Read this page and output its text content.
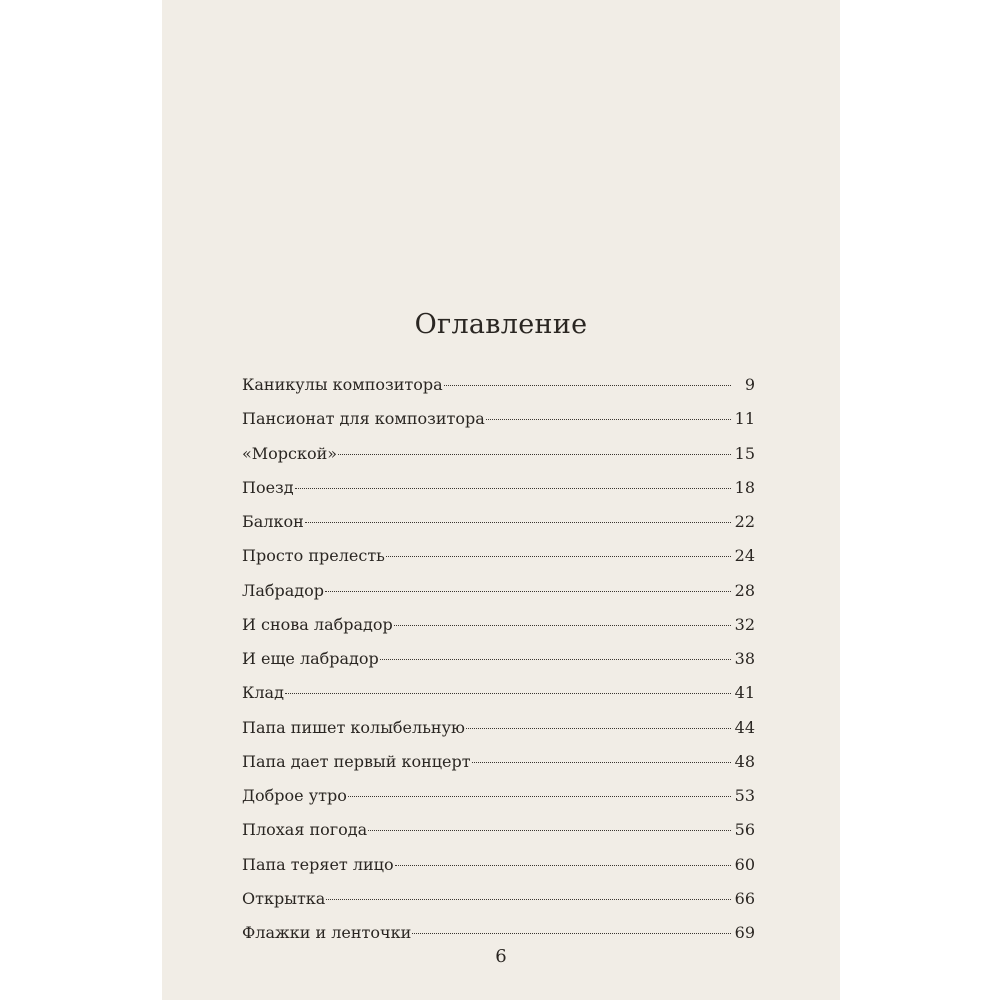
Оглавление
Каникулы композитора	9
Пансионат для композитора	11
«Морской»	15
Поезд	18
Балкон	22
Просто прелесть	24
Лабрадор	28
И снова лабрадор	32
И еще лабрадор	38
Клад	41
Папа пишет колыбельную	44
Папа дает первый концерт	48
Доброе утро	53
Плохая погода	56
Папа теряет лицо	60
Открытка	66
Флажки и ленточки	69
6
